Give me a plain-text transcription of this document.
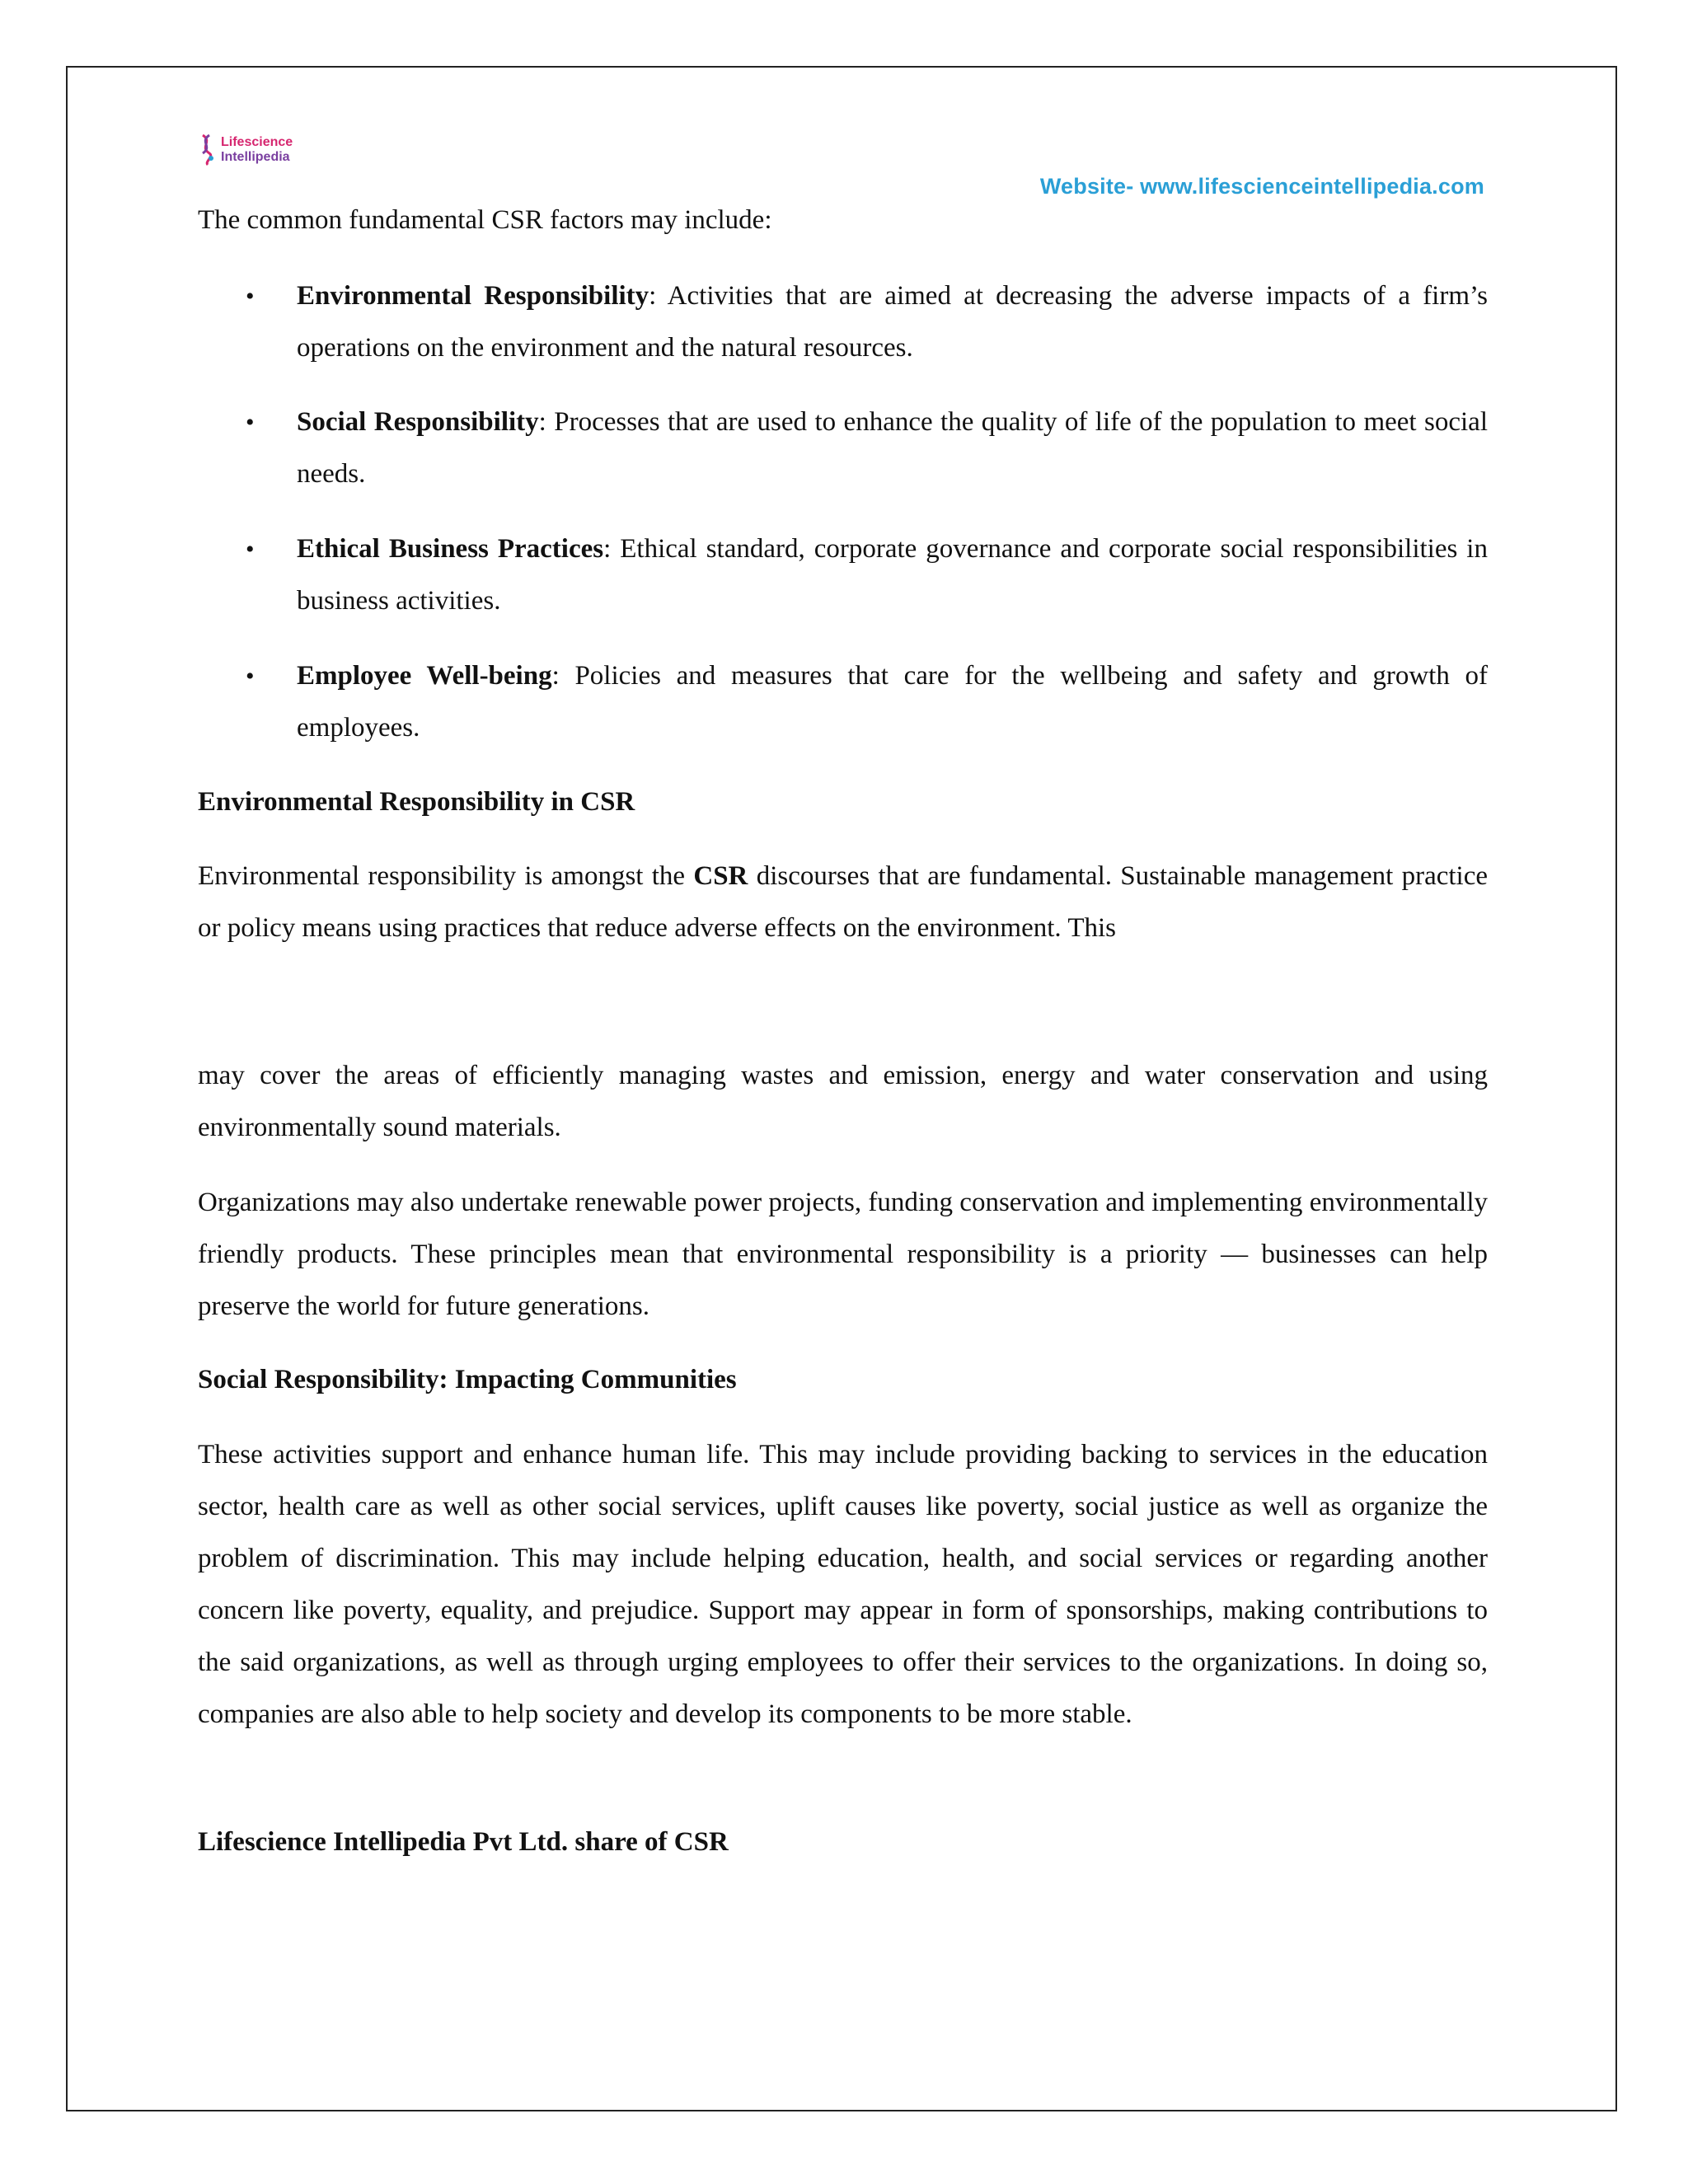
Lifescience
Intellipedia
Website- www.lifescienceintellipedia.com

The common fundamental CSR factors may include:

• Environmental Responsibility: Activities that are aimed at decreasing the adverse impacts of a firm’s operations on the environment and the natural resources.

• Social Responsibility: Processes that are used to enhance the quality of life of the population to meet social needs.

• Ethical Business Practices: Ethical standard, corporate governance and corporate social responsibilities in business activities.

• Employee Well-being: Policies and measures that care for the wellbeing and safety and growth of employees.

Environmental Responsibility in CSR

Environmental responsibility is amongst the CSR discourses that are fundamental. Sustainable management practice or policy means using practices that reduce adverse effects on the environment. This

may cover the areas of efficiently managing wastes and emission, energy and water conservation and using environmentally sound materials.

Organizations may also undertake renewable power projects, funding conservation and implementing environmentally friendly products. These principles mean that environmental responsibility is a priority — businesses can help preserve the world for future generations.

Social Responsibility: Impacting Communities

These activities support and enhance human life. This may include providing backing to services in the education sector, health care as well as other social services, uplift causes like poverty, social justice as well as organize the problem of discrimination. This may include helping education, health, and social services or regarding another concern like poverty, equality, and prejudice. Support may appear in form of sponsorships, making contributions to the said organizations, as well as through urging employees to offer their services to the organizations. In doing so, companies are also able to help society and develop its components to be more stable.

Lifescience Intellipedia Pvt Ltd. share of CSR
